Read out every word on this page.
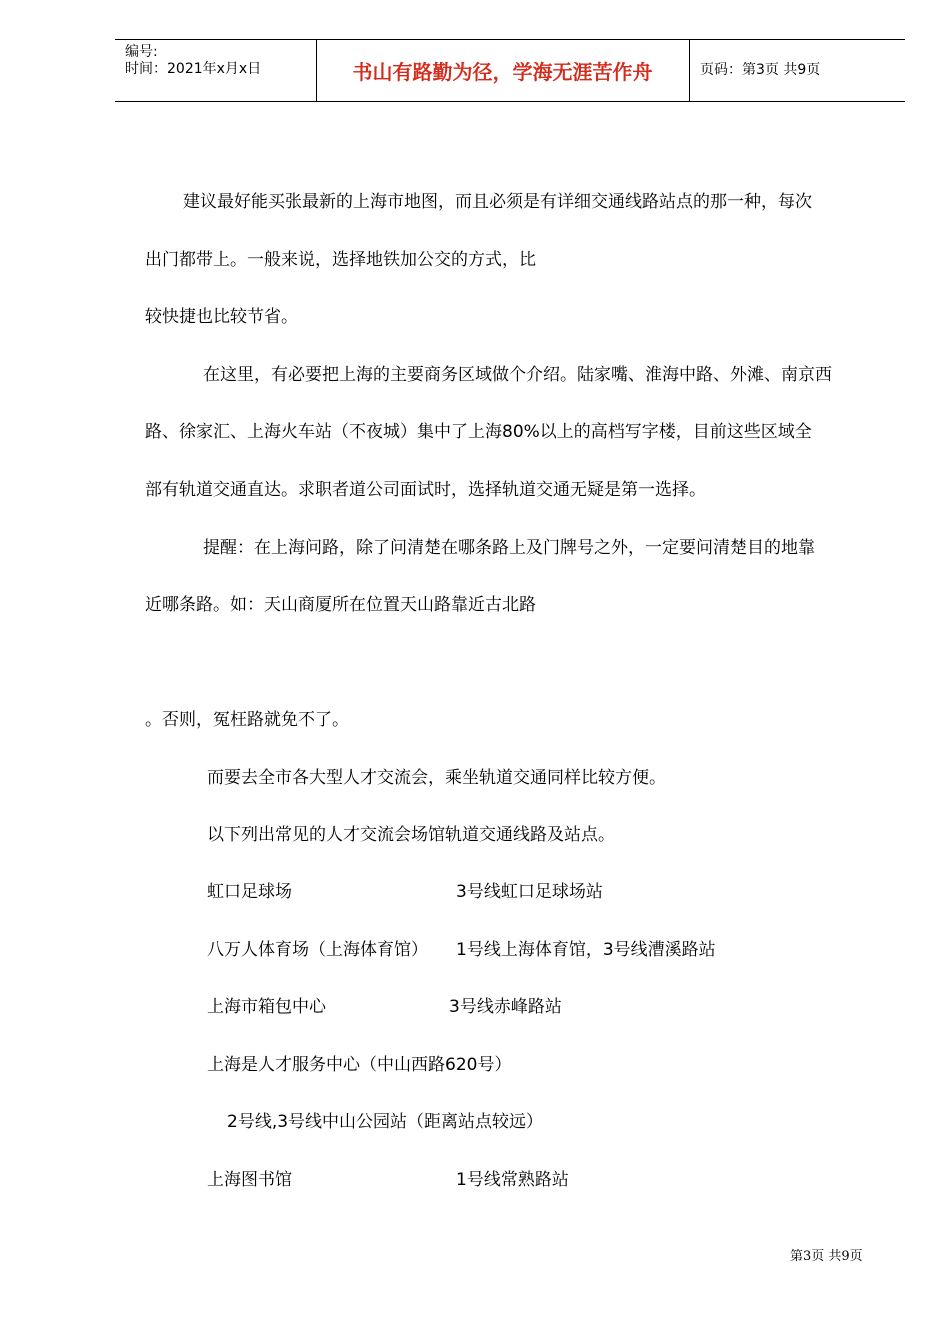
编号:
时间：2021年x月x日	书山有路勤为径，学海无涯苦作舟	页码：第3页 共9页
建议最好能买张最新的上海市地图，而且必须是有详细交通线路站点的那一种，每次
出门都带上。一般来说，选择地铁加公交的方式，比
较快捷也比较节省。
在这里，有必要把上海的主要商务区域做个介绍。陆家嘴、淮海中路、外滩、南京西
路、徐家汇、上海火车站（不夜城）集中了上海80%以上的高档写字楼，目前这些区域全
部有轨道交通直达。求职者道公司面试时，选择轨道交通无疑是第一选择。
提醒：在上海问路，除了问清楚在哪条路上及门牌号之外，一定要问清楚目的地靠
近哪条路。如：天山商厦所在位置天山路靠近古北路
。否则，冤枉路就免不了。
而要去全市各大型人才交流会，乘坐轨道交通同样比较方便。
以下列出常见的人才交流会场馆轨道交通线路及站点。
虹口足球场	3号线虹口足球场站
八万人体育场（上海体育馆） 1号线上海体育馆，3号线漕溪路站
上海市箱包中心	3号线赤峰路站
上海是人才服务中心（中山西路620号）
2号线,3号线中山公园站（距离站点较远）
上海图书馆	1号线常熟路站
第3页 共9页
